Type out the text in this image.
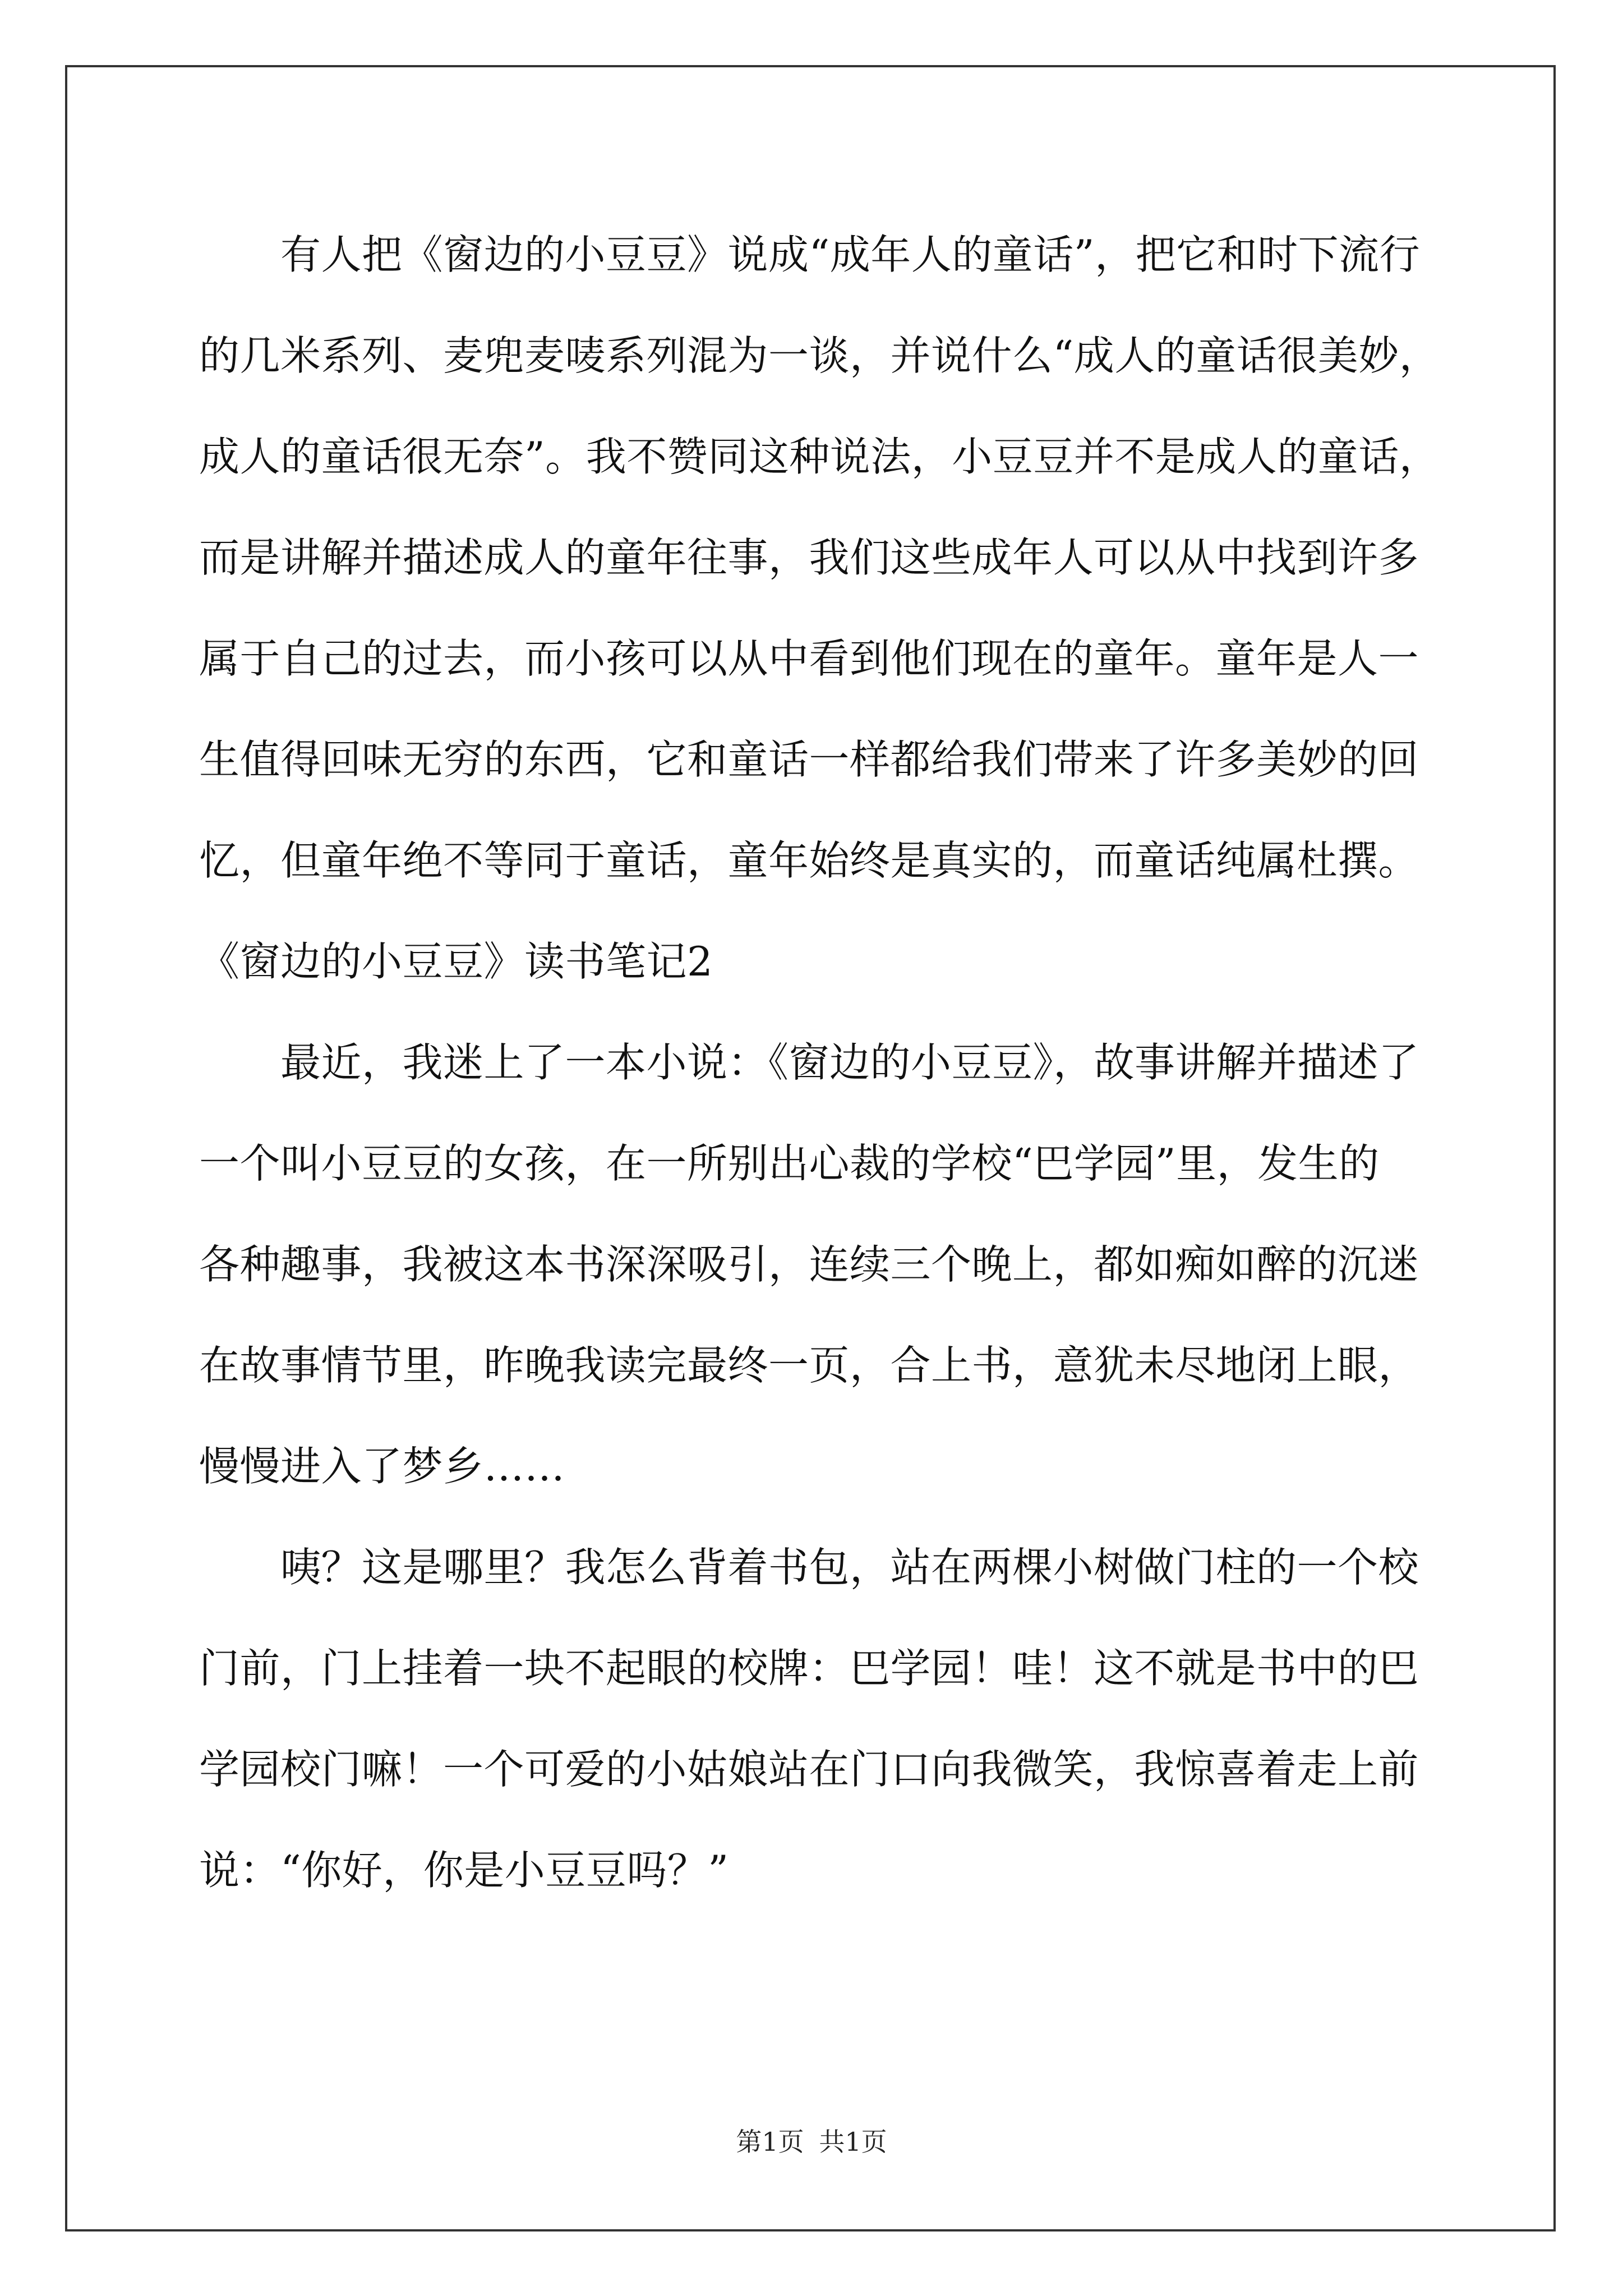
有人把《窗边的小豆豆》说成“成年人的童话”，把它和时下流行

的几米系列、麦兜麦唛系列混为一谈，并说什么“成人的童话很美妙，

成人的童话很无奈”。我不赞同这种说法，小豆豆并不是成人的童话，

而是讲解并描述成人的童年往事，我们这些成年人可以从中找到许多

属于自己的过去，而小孩可以从中看到他们现在的童年。童年是人一

生值得回味无穷的东西，它和童话一样都给我们带来了许多美妙的回

忆，但童年绝不等同于童话，童年始终是真实的，而童话纯属杜撰。

《窗边的小豆豆》读书笔记2

最近，我迷上了一本小说：《窗边的小豆豆》，故事讲解并描述了

一个叫小豆豆的女孩，在一所别出心裁的学校“巴学园”里，发生的

各种趣事，我被这本书深深吸引，连续三个晚上，都如痴如醉的沉迷

在故事情节里，昨晚我读完最终一页，合上书，意犹未尽地闭上眼，

慢慢进入了梦乡……

咦？这是哪里？我怎么背着书包，站在两棵小树做门柱的一个校

门前，门上挂着一块不起眼的校牌：巴学园！哇！这不就是书中的巴

学园校门嘛！一个可爱的小姑娘站在门口向我微笑，我惊喜着走上前

说：“你好，你是小豆豆吗？”

第1页 共1页
